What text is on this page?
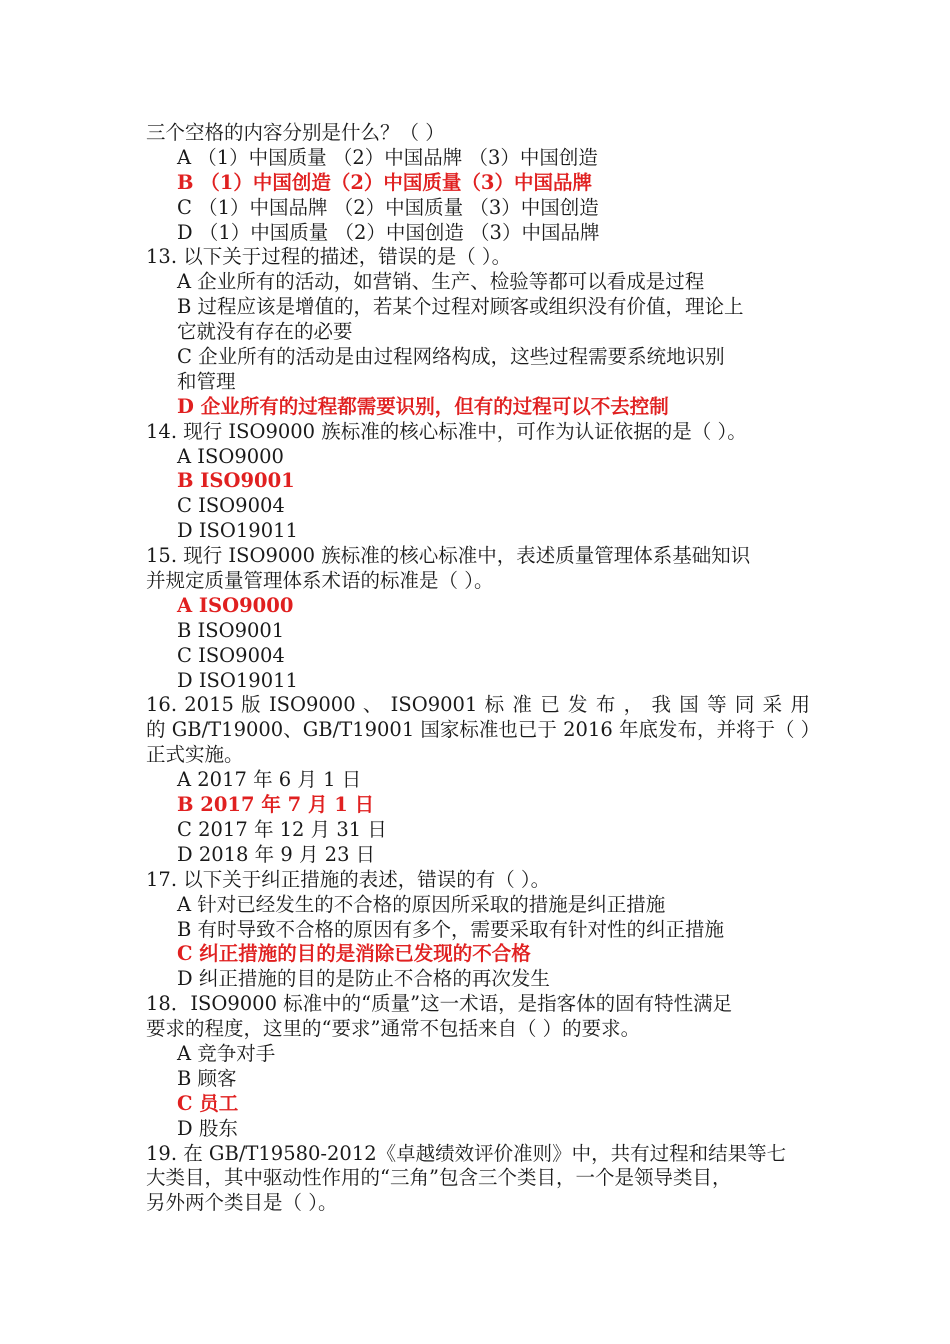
三个空格的内容分别是什么？（ ）
A （1）中国质量 （2）中国品牌 （3）中国创造
B （1）中国创造（2）中国质量（3）中国品牌
C （1）中国品牌 （2）中国质量 （3）中国创造
D （1）中国质量 （2）中国创造 （3）中国品牌
13. 以下关于过程的描述，错误的是（ ）。
A 企业所有的活动，如营销、生产、检验等都可以看成是过程
B 过程应该是增值的，若某个过程对顾客或组织没有价值，理论上
它就没有存在的必要
C 企业所有的活动是由过程网络构成，这些过程需要系统地识别
和管理
D 企业所有的过程都需要识别，但有的过程可以不去控制
14. 现行 ISO9000 族标准的核心标准中，可作为认证依据的是（ ）。
A ISO9000
B ISO9001
C ISO9004
D ISO19011
15. 现行 ISO9000 族标准的核心标准中，表述质量管理体系基础知识
并规定质量管理体系术语的标准是（ ）。
A ISO9000
B ISO9001
C ISO9004
D ISO19011
16. 2015 版 ISO9000 、 ISO9001 标 准 已 发 布 ， 我 国 等 同 采 用
的 GB/T19000、GB/T19001 国家标准也已于 2016 年底发布，并将于（ ）
正式实施。
A 2017 年 6 月 1 日
B 2017 年 7 月 1 日
C 2017 年 12 月 31 日
D 2018 年 9 月 23 日
17. 以下关于纠正措施的表述，错误的有（ ）。
A 针对已经发生的不合格的原因所采取的措施是纠正措施
B 有时导致不合格的原因有多个，需要采取有针对性的纠正措施
C 纠正措施的目的是消除已发现的不合格
D 纠正措施的目的是防止不合格的再次发生
18．ISO9000 标准中的“质量”这一术语，是指客体的固有特性满足
要求的程度，这里的“要求”通常不包括来自（ ）的要求。
A 竞争对手
B 顾客
C 员工
D 股东
19. 在 GB/T19580-2012《卓越绩效评价准则》中，共有过程和结果等七
大类目，其中驱动性作用的“三角”包含三个类目，一个是领导类目，
另外两个类目是（ ）。
